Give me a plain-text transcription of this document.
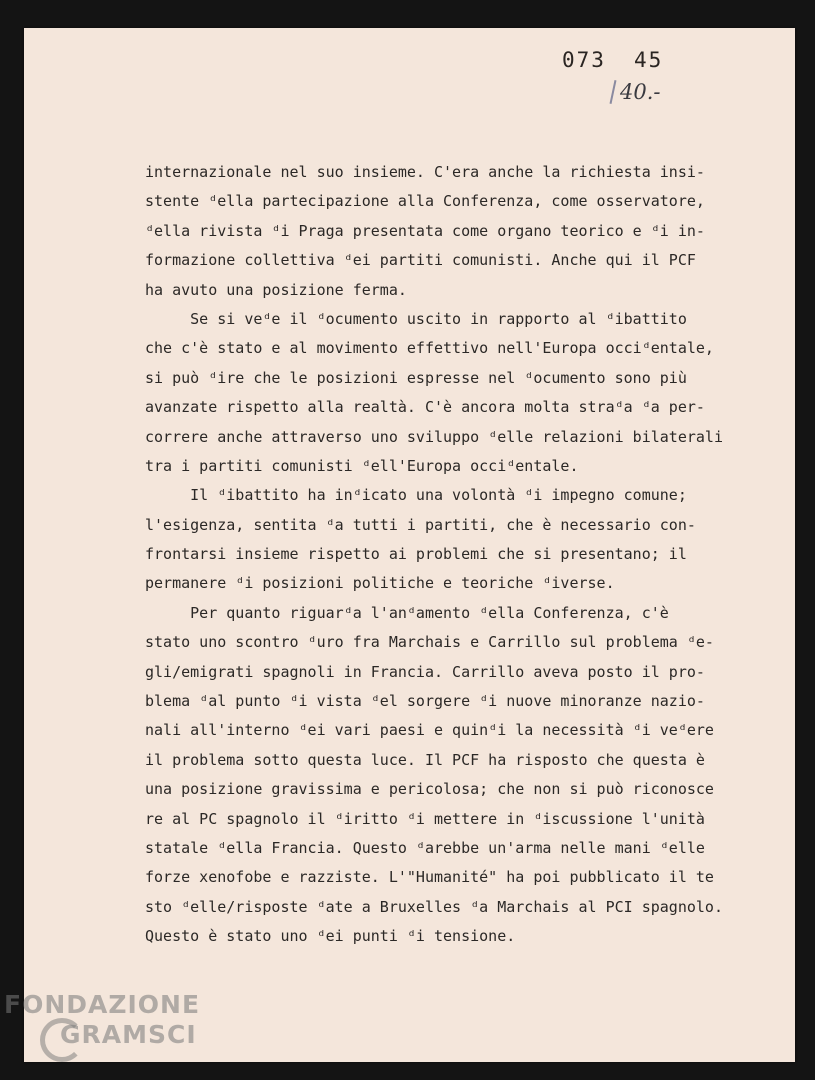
073 45
40.-
internazionale nel suo insieme. C'era anche la richiesta insi-
stente ᵈella partecipazione alla Conferenza, come osservatore,
ᵈella rivista ᵈi Praga presentata come organo teorico e ᵈi in-
formazione collettiva ᵈei partiti comunisti. Anche qui il PCF
ha avuto una posizione ferma.
Se si veᵈe il ᵈocumento uscito in rapporto al ᵈibattito
che c'è stato e al movimento effettivo nell'Europa occiᵈentale,
si può ᵈire che le posizioni espresse nel ᵈocumento sono più
avanzate rispetto alla realtà. C'è ancora molta straᵈa ᵈa per-
correre anche attraverso uno sviluppo ᵈelle relazioni bilaterali
tra i partiti comunisti ᵈell'Europa occiᵈentale.
Il ᵈibattito ha inᵈicato una volontà ᵈi impegno comune;
l'esigenza, sentita ᵈa tutti i partiti, che è necessario con-
frontarsi insieme rispetto ai problemi che si presentano; il
permanere ᵈi posizioni politiche e teoriche ᵈiverse.
Per quanto riguarᵈa l'anᵈamento ᵈella Conferenza, c'è
stato uno scontro ᵈuro fra Marchais e Carrillo sul problema ᵈe-
gli/emigrati spagnoli in Francia. Carrillo aveva posto il pro-
blema ᵈal punto ᵈi vista ᵈel sorgere ᵈi nuove minoranze nazio-
nali all'interno ᵈei vari paesi e quinᵈi la necessità ᵈi veᵈere
il problema sotto questa luce. Il PCF ha risposto che questa è
una posizione gravissima e pericolosa; che non si può riconosce
re al PC spagnolo il ᵈiritto ᵈi mettere in ᵈiscussione l'unità
statale ᵈella Francia. Questo ᵈarebbe un'arma nelle mani ᵈelle
forze xenofobe e razziste. L'"Humanité" ha poi pubblicato il te
sto ᵈelle/risposte ᵈate a Bruxelles ᵈa Marchais al PCI spagnolo.
Questo è stato uno ᵈei punti ᵈi tensione.
FONDAZIONE
GRAMSCI
